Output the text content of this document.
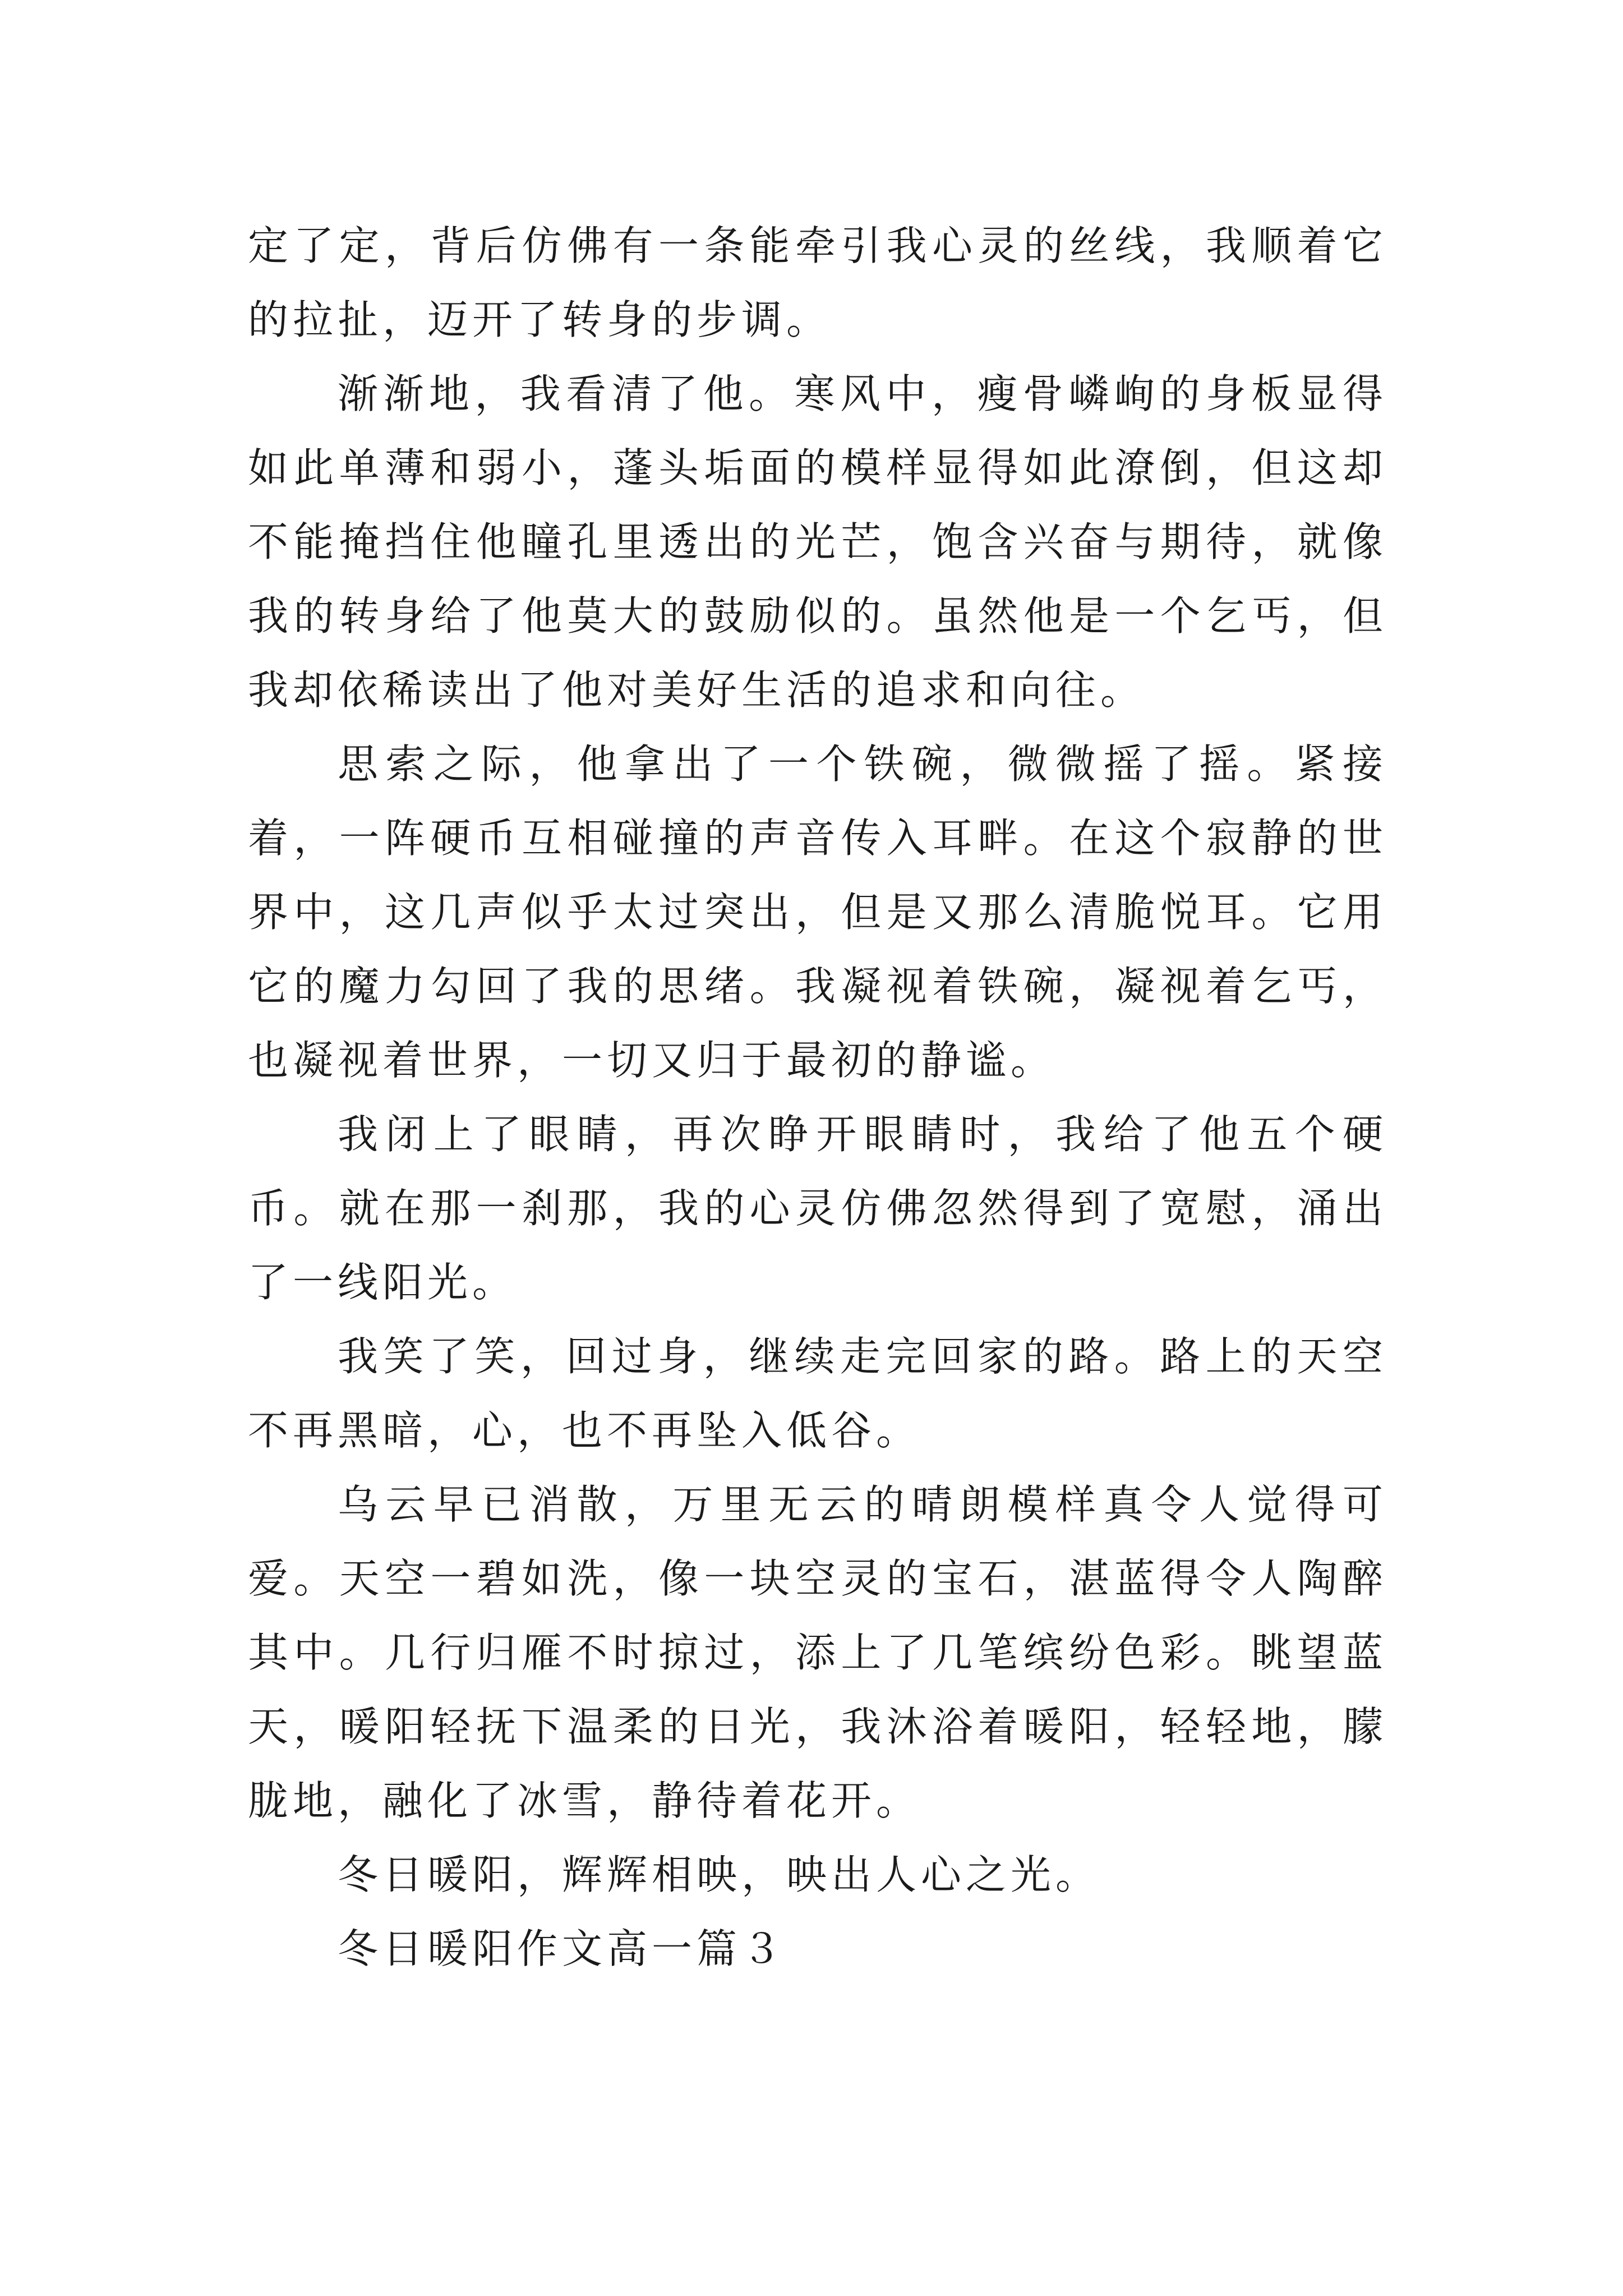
定了定，背后仿佛有一条能牵引我心灵的丝线，我顺着它的拉扯，迈开了转身的步调。

渐渐地，我看清了他。寒风中，瘦骨嶙峋的身板显得如此单薄和弱小，蓬头垢面的模样显得如此潦倒，但这却不能掩挡住他瞳孔里透出的光芒，饱含兴奋与期待，就像我的转身给了他莫大的鼓励似的。虽然他是一个乞丐，但我却依稀读出了他对美好生活的追求和向往。

思索之际，他拿出了一个铁碗，微微摇了摇。紧接着，一阵硬币互相碰撞的声音传入耳畔。在这个寂静的世界中，这几声似乎太过突出，但是又那么清脆悦耳。它用它的魔力勾回了我的思绪。我凝视着铁碗，凝视着乞丐，也凝视着世界，一切又归于最初的静谧。

我闭上了眼睛，再次睁开眼睛时，我给了他五个硬币。就在那一刹那，我的心灵仿佛忽然得到了宽慰，涌出了一线阳光。

我笑了笑，回过身，继续走完回家的路。路上的天空不再黑暗，心，也不再坠入低谷。

乌云早已消散，万里无云的晴朗模样真令人觉得可爱。天空一碧如洗，像一块空灵的宝石，湛蓝得令人陶醉其中。几行归雁不时掠过，添上了几笔缤纷色彩。眺望蓝天，暖阳轻抚下温柔的日光，我沐浴着暖阳，轻轻地，朦胧地，融化了冰雪，静待着花开。

冬日暖阳，辉辉相映，映出人心之光。

冬日暖阳作文高一篇３
